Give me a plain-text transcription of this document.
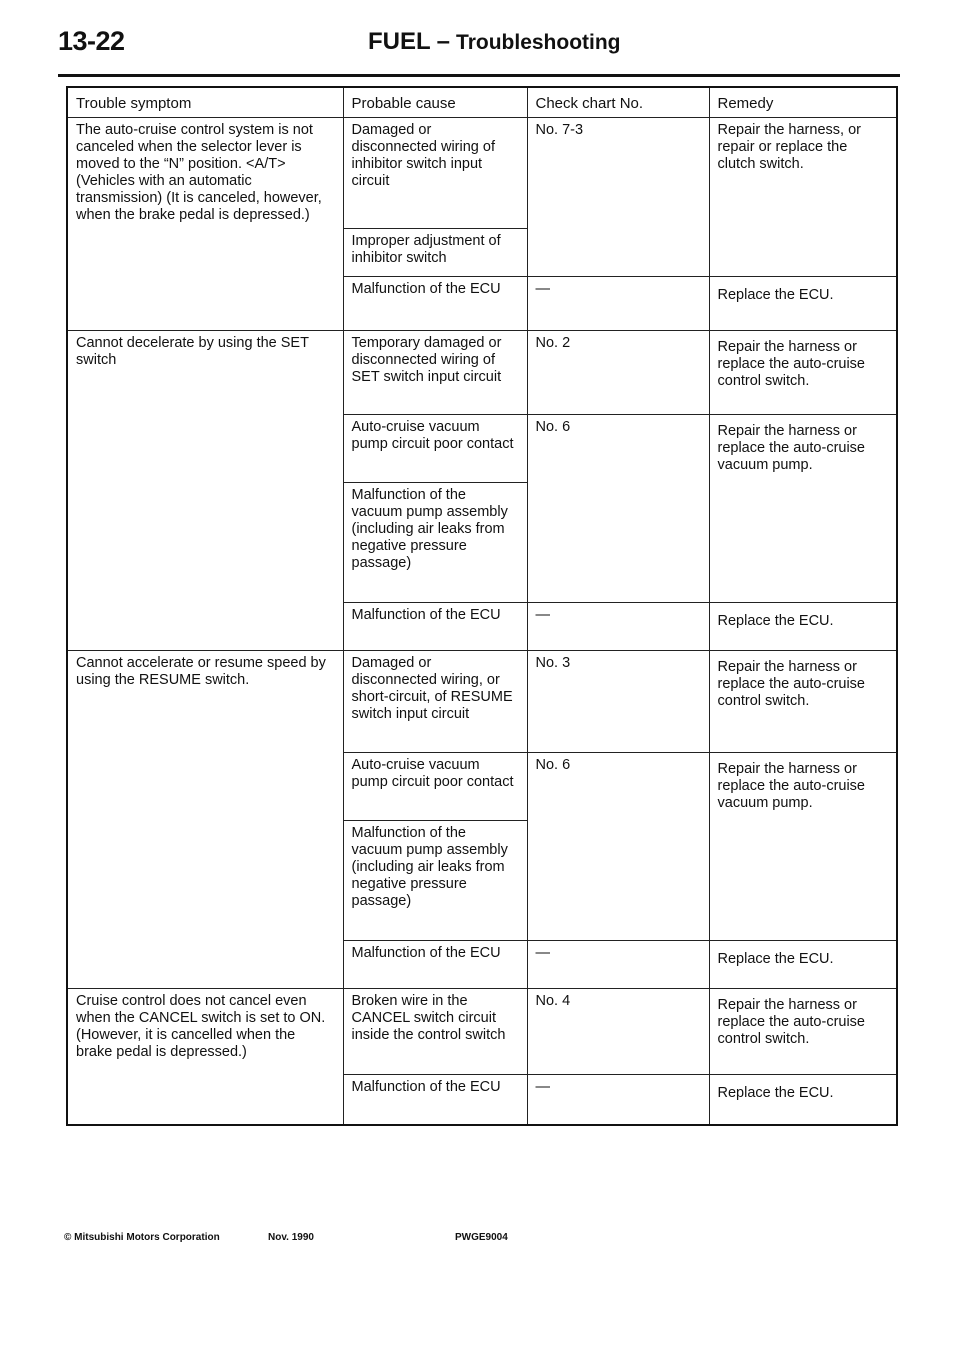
13-22	FUEL – Troubleshooting
Trouble symptom	Probable cause	Check chart No.	Remedy
The auto-cruise control system is not canceled when the selector lever is moved to the “N” position. <A/T> (Vehicles with an automatic transmission) (It is canceled, however, when the brake pedal is depressed.)	Damaged or disconnected wiring of inhibitor switch input circuit	No. 7-3	Repair the harness, or repair or replace the clutch switch.
	Improper adjustment of inhibitor switch		
	Malfunction of the ECU	—	Replace the ECU.
Cannot decelerate by using the SET switch	Temporary damaged or disconnected wiring of SET switch input circuit	No. 2	Repair the harness or replace the auto-cruise control switch.
	Auto-cruise vacuum pump circuit poor contact	No. 6	Repair the harness or replace the auto-cruise vacuum pump.
	Malfunction of the vacuum pump assembly (including air leaks from negative pressure passage)		
	Malfunction of the ECU	—	Replace the ECU.
Cannot accelerate or resume speed by using the RESUME switch.	Damaged or disconnected wiring, or short-circuit, of RESUME switch input circuit	No. 3	Repair the harness or replace the auto-cruise control switch.
	Auto-cruise vacuum pump circuit poor contact	No. 6	Repair the harness or replace the auto-cruise vacuum pump.
	Malfunction of the vacuum pump assembly (including air leaks from negative pressure passage)		
	Malfunction of the ECU	—	Replace the ECU.
Cruise control does not cancel even when the CANCEL switch is set to ON. (However, it is cancelled when the brake pedal is depressed.)	Broken wire in the CANCEL switch circuit inside the control switch	No. 4	Repair the harness or replace the auto-cruise control switch.
	Malfunction of the ECU	—	Replace the ECU.
© Mitsubishi Motors Corporation	Nov. 1990	PWGE9004
